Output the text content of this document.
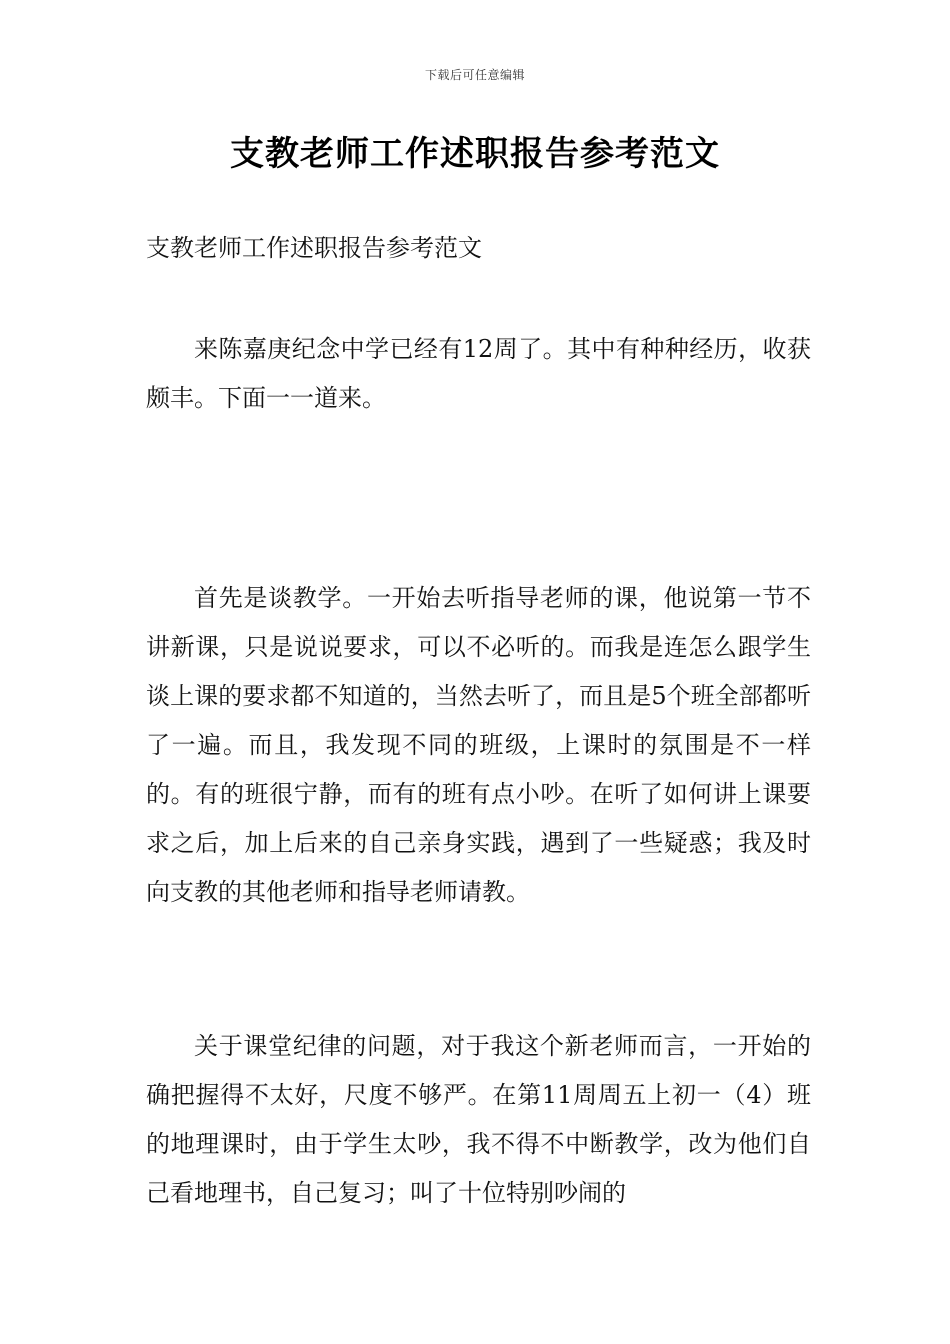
下载后可任意编辑
支教老师工作述职报告参考范文

支教老师工作述职报告参考范文

来陈嘉庚纪念中学已经有12周了。其中有种种经历，收获颇丰。下面一一道来。

首先是谈教学。一开始去听指导老师的课，他说第一节不讲新课，只是说说要求，可以不必听的。而我是连怎么跟学生谈上课的要求都不知道的，当然去听了，而且是5个班全部都听了一遍。而且，我发现不同的班级，上课时的氛围是不一样的。有的班很宁静，而有的班有点小吵。在听了如何讲上课要求之后，加上后来的自己亲身实践，遇到了一些疑惑；我及时向支教的其他老师和指导老师请教。

关于课堂纪律的问题，对于我这个新老师而言，一开始的确把握得不太好，尺度不够严。在第11周周五上初一（4）班的地理课时，由于学生太吵，我不得不中断教学，改为他们自己看地理书，自己复习；叫了十位特别吵闹的
